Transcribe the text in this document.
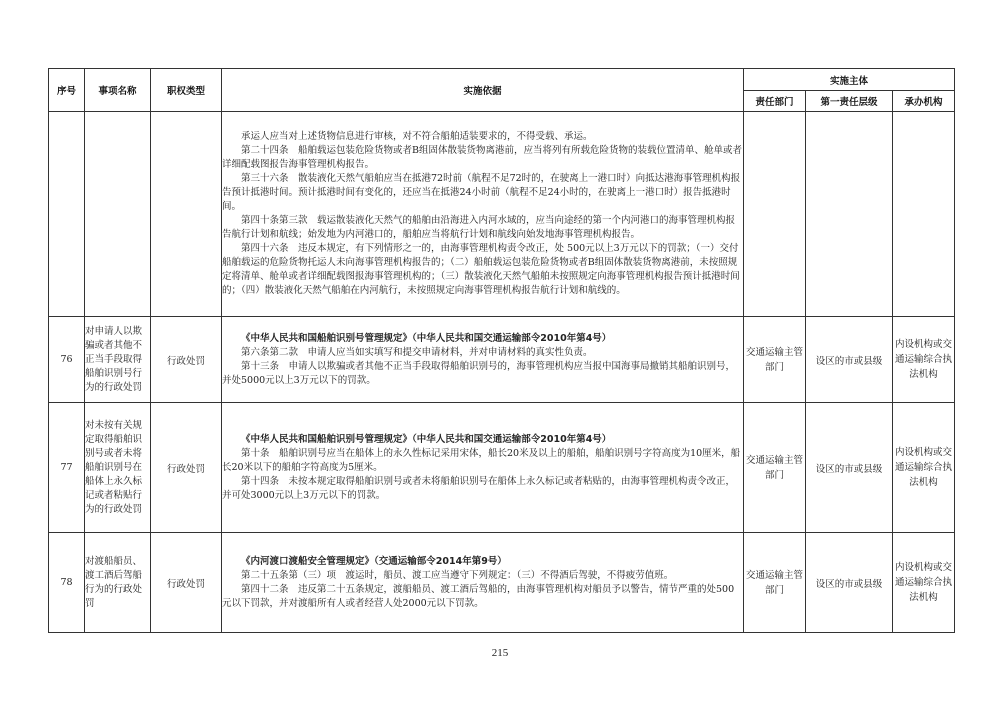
序号	事项名称	职权类型	实施依据	实施主体		
				责任部门	第一责任层级	承办机构

			承运人应当对上述货物信息进行审核，对不符合船舶适装要求的，不得受载、承运。
第二十四条　船舶载运包装危险货物或者B组固体散装货物离港前，应当将列有所载危险货物的装载位置清单、舱单或者详细配载图报告海事管理机构报告。
第三十六条　散装液化天然气船舶应当在抵港72时前（航程不足72时的，在驶离上一港口时）向抵达港海事管理机构报告预计抵港时间。预计抵港时间有变化的，还应当在抵港24小时前（航程不足24小时的，在驶离上一港口时）报告抵港时间。
第四十条第三款　载运散装液化天然气的船舶由沿海进入内河水域的，应当向途经的第一个内河港口的海事管理机构报告航行计划和航线；始发地为内河港口的，船舶应当将航行计划和航线向始发地海事管理机构报告。
第四十六条　违反本规定，有下列情形之一的，由海事管理机构责令改正，处 500元以上3万元以下的罚款；（一）交付船舶载运的危险货物托运人未向海事管理机构报告的；（二）船舶载运包装危险货物或者B组固体散装货物离港前，未按照规定将清单、舱单或者详细配载图报海事管理机构的；（三）散装液化天然气船舶未按照规定向海事管理机构报告预计抵港时间的；（四）散装液化天然气船舶在内河航行，未按照规定向海事管理机构报告航行计划和航线的。			

76	对申请人以欺骗或者其他不正当手段取得船舶识别号行为的行政处罚	行政处罚	《中华人民共和国船舶识别号管理规定》（中华人民共和国交通运输部令2010年第4号）
第六条第二款　申请人应当如实填写和提交申请材料，并对申请材料的真实性负责。
第十三条　申请人以欺骗或者其他不正当手段取得船舶识别号的，海事管理机构应当报中国海事局撤销其船舶识别号，并处5000元以上3万元以下的罚款。	交通运输主管部门	设区的市或县级	内设机构或交通运输综合执法机构
77	对未按有关规定取得船舶识别号或者未将船舶识别号在船体上永久标记或者粘贴行为的行政处罚	行政处罚	《中华人民共和国船舶识别号管理规定》（中华人民共和国交通运输部令2010年第4号）
第十条　船舶识别号应当在船体上的永久性标记采用宋体，船长20米及以上的船舶，船舶识别号字符高度为10厘米，船长20米以下的船舶字符高度为5厘米。
第十四条　未按本规定取得船舶识别号或者未将船舶识别号在船体上永久标记或者粘贴的，由海事管理机构责令改正，并可处3000元以上3万元以下的罚款。	交通运输主管部门	设区的市或县级	内设机构或交通运输综合执法机构
78	对渡船船员、渡工酒后驾船行为的行政处罚	行政处罚	《内河渡口渡船安全管理规定》（交通运输部令2014年第9号）
第二十五条第（三）项　渡运时，船员、渡工应当遵守下列规定：（三）不得酒后驾驶，不得疲劳值班。
第四十二条　违反第二十五条规定，渡船船员、渡工酒后驾船的，由海事管理机构对船员予以警告，情节严重的处500元以下罚款，并对渡船所有人或者经营人处2000元以下罚款。	交通运输主管部门	设区的市或县级	内设机构或交通运输综合执法机构
215
